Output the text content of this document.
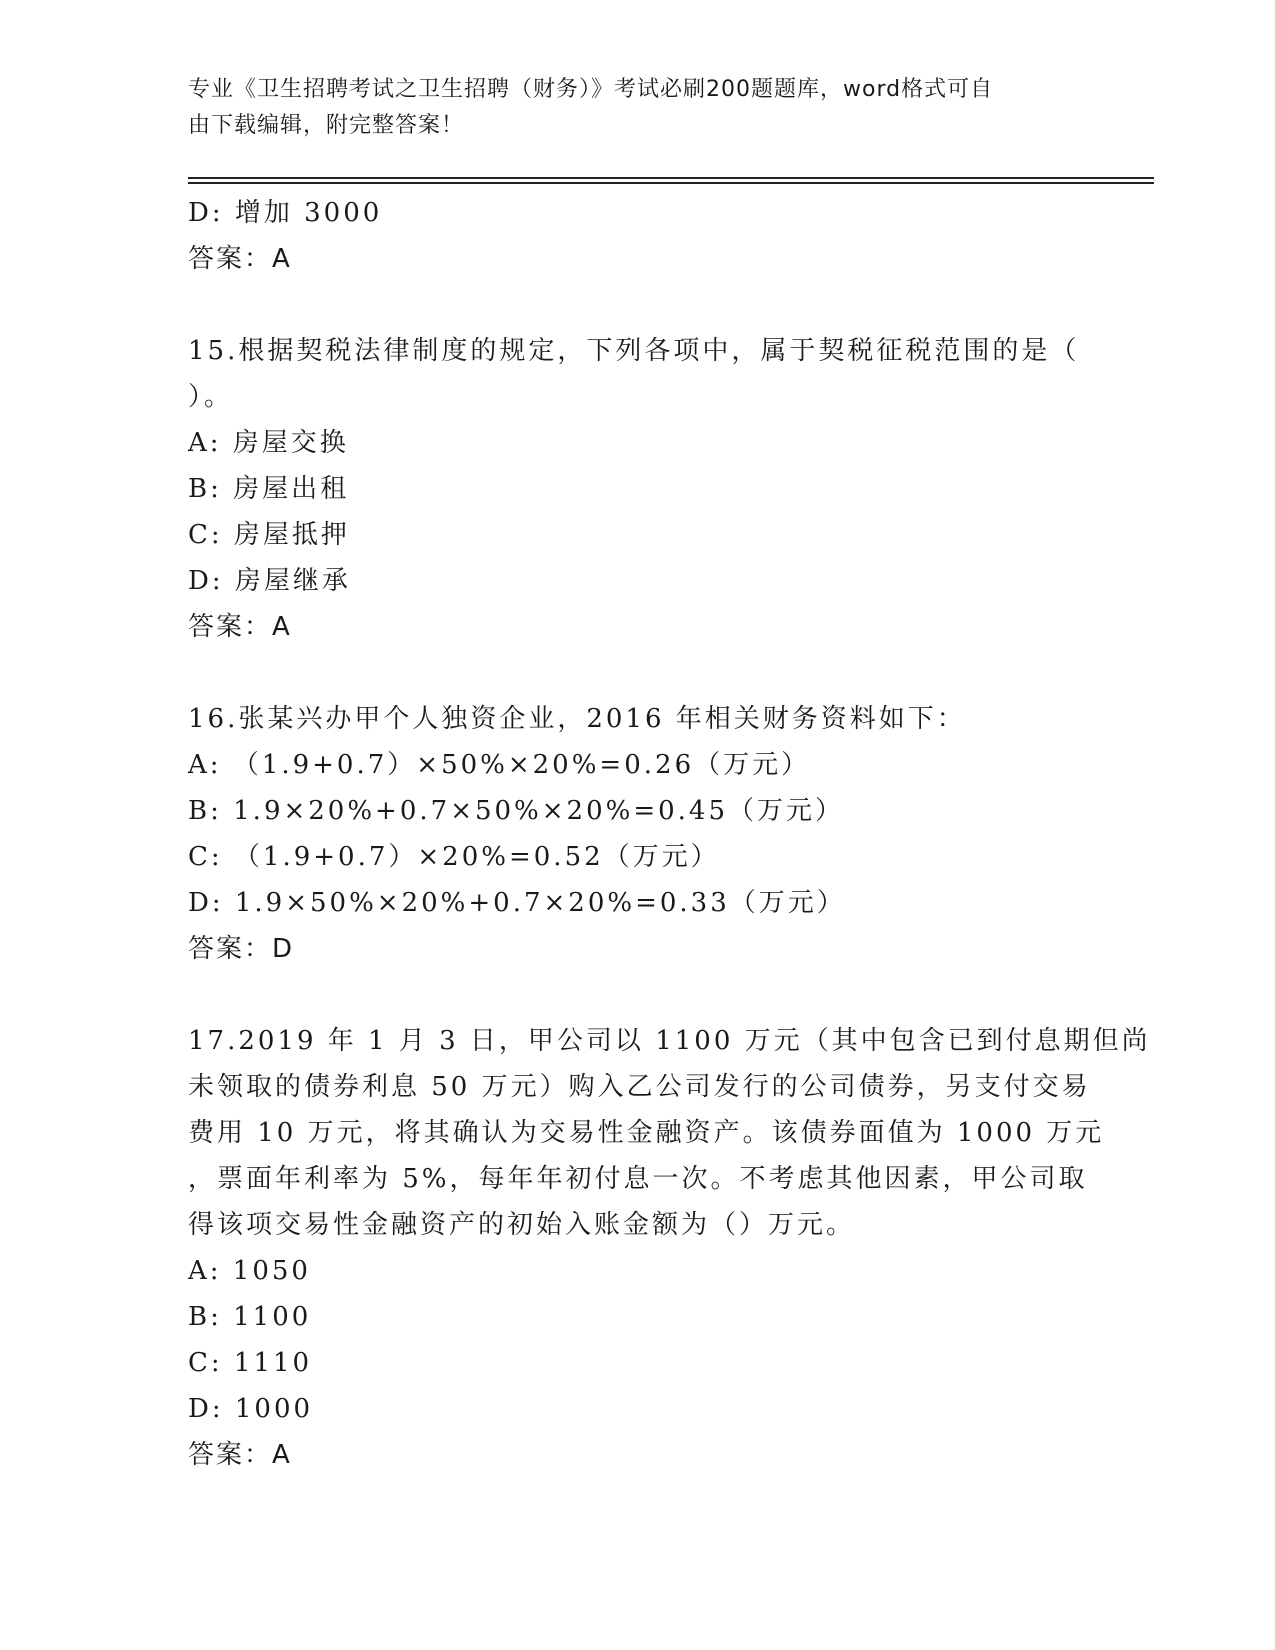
专业《卫生招聘考试之卫生招聘（财务）》考试必刷200题题库，word格式可自
由下载编辑，附完整答案！
D: 增加 3000
答案：A
15.根据契税法律制度的规定，下列各项中，属于契税征税范围的是（
）。
A: 房屋交换
B: 房屋出租
C: 房屋抵押
D: 房屋继承
答案：A
16.张某兴办甲个人独资企业，2016 年相关财务资料如下：
A: （1.9+0.7）×50%×20%=0.26（万元）
B: 1.9×20%+0.7×50%×20%=0.45（万元）
C: （1.9+0.7）×20%=0.52（万元）
D: 1.9×50%×20%+0.7×20%=0.33（万元）
答案：D
17.2019 年 1 月 3 日，甲公司以 1100 万元（其中包含已到付息期但尚
未领取的债券利息 50 万元）购入乙公司发行的公司债券，另支付交易
费用 10 万元，将其确认为交易性金融资产。该债券面值为 1000 万元
，票面年利率为 5%，每年年初付息一次。不考虑其他因素，甲公司取
得该项交易性金融资产的初始入账金额为（）万元。
A: 1050
B: 1100
C: 1110
D: 1000
答案：A
